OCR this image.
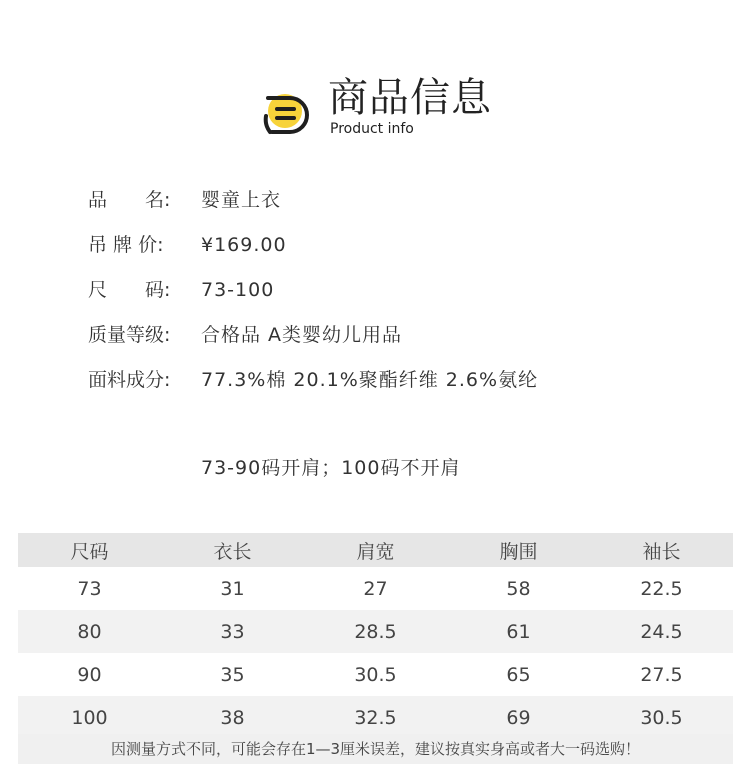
商品信息
Product info
品 名:	婴童上衣
吊 牌 价:	¥169.00
尺 码:	73-100
质量等级:	合格品 A类婴幼儿用品
面料成分:	77.3%棉 20.1%聚酯纤维 2.6%氨纶
73-90码开肩；100码不开肩
尺码	衣长	肩宽	胸围	袖长
73	31	27	58	22.5
80	33	28.5	61	24.5
90	35	30.5	65	27.5
100	38	32.5	69	30.5
因测量方式不同，可能会存在1—3厘米误差，建议按真实身高或者大一码选购！
